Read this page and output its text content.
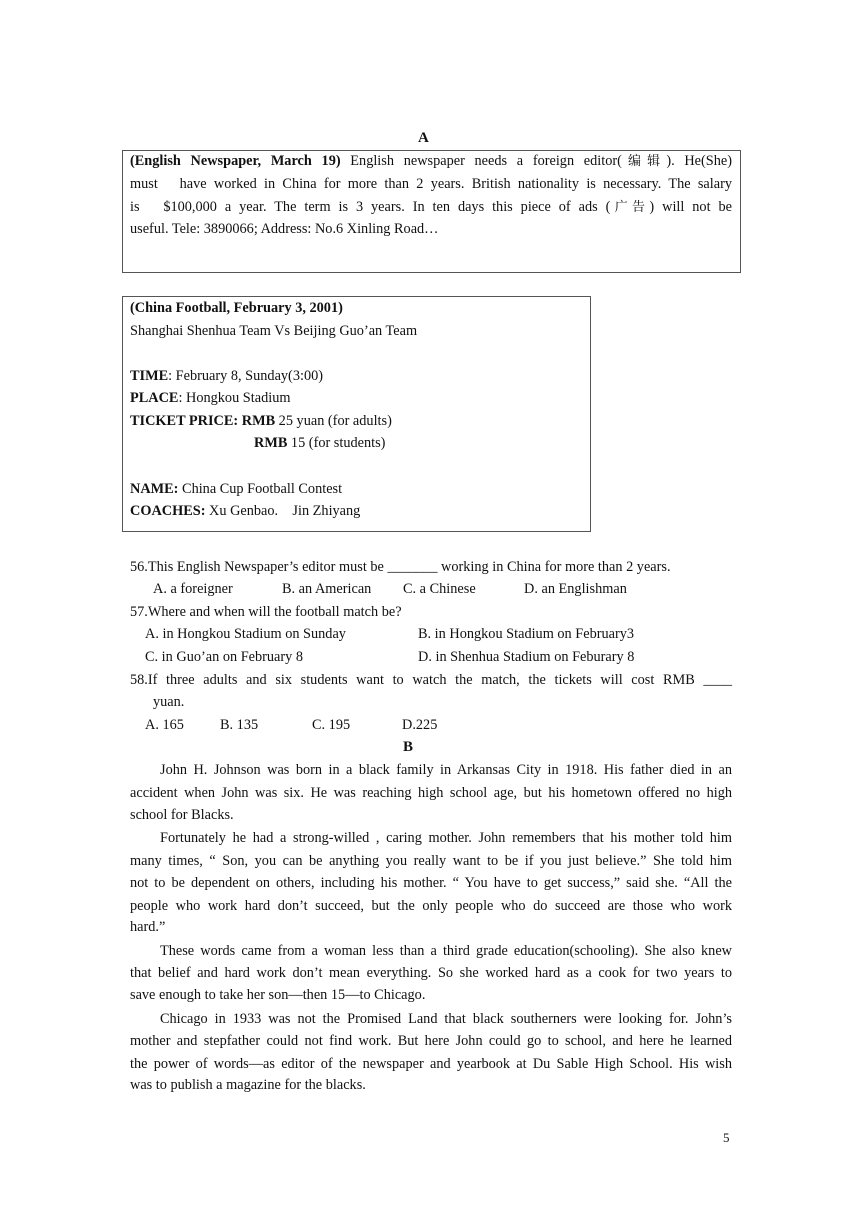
A
(English Newspaper, March 19) English newspaper needs a foreign editor(编辑). He(She)
must   have worked in China for more than 2 years. British nationality is necessary. The salary
is   $100,000 a year. The term is 3 years. In ten days this piece of ads (广告) will not be
useful. Tele: 3890066; Address: No.6 Xinling Road…
(China Football, February 3, 2001)
Shanghai Shenhua Team Vs Beijing Guo’an Team
TIME: February 8, Sunday(3:00)
PLACE: Hongkou Stadium
TICKET PRICE: RMB 25 yuan (for adults)
RMB 15 (for students)
NAME: China Cup Football Contest
COACHES: Xu Genbao.    Jin Zhiyang
56.This English Newspaper’s editor must be _______ working in China for more than 2 years.
A. a foreigner	B. an American C. a Chinese	D. an Englishman
57.Where and when will the football match be?
A. in Hongkou Stadium on Sunday	B. in Hongkou Stadium on February3
C. in Guo’an on February 8	D. in Shenhua Stadium on Feburary 8
58.If three adults and six students want to watch the match, the tickets will cost RMB ____
yuan.
A. 165	B. 135	C. 195	D.225
B
John H. Johnson was born in a black family in Arkansas City in 1918. His father died in an
accident when John was six. He was reaching high school age, but his hometown offered no high
school for Blacks.
Fortunately he had a strong-willed , caring mother. John remembers that his mother told him
many times, “ Son, you can be anything you really want to be if you just believe.” She told him
not to be dependent on others, including his mother. “ You have to get success,” said she. “All the
people who work hard don’t succeed, but the only people who do succeed are those who work
hard.”
These words came from a woman less than a third grade education(schooling). She also knew
that belief and hard work don’t mean everything. So she worked hard as a cook for two years to
save enough to take her son—then 15—to Chicago.
Chicago in 1933 was not the Promised Land that black southerners were looking for. John’s
mother and stepfather could not find work. But here John could go to school, and here he learned
the power of words—as editor of the newspaper and yearbook at Du Sable High School. His wish
was to publish a magazine for the blacks.
5
